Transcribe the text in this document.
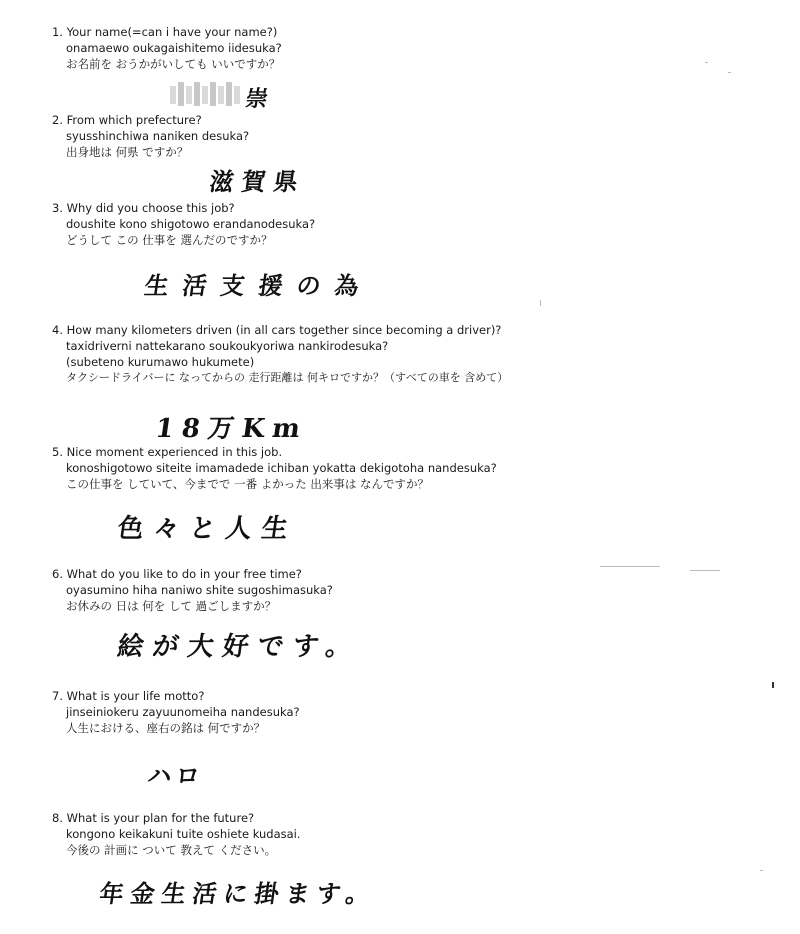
1. Your name(=can i have your name?)
onamaewo oukagaishitemo iidesuka?
お名前を おうかがいしても いいですか？
崇
2. From which prefecture?
syusshinchiwa naniken desuka?
出身地は 何県 ですか？
滋賀県
3. Why did you choose this job?
doushite kono shigotowo erandanodesuka?
どうして この 仕事を 選んだのですか？
生活支援の為
4. How many kilometers driven (in all cars together since becoming a driver)?
taxidriverni nattekarano soukoukyoriwa nankirodesuka?
(subeteno kurumawo hukumete)
タクシードライバーに なってからの 走行距離は 何キロですか？（すべての車を 含めて）
18万Km
5. Nice moment experienced in this job.
konoshigotowo siteite imamadede ichiban yokatta dekigotoha nandesuka?
この仕事を していて、今までで 一番 よかった 出来事は なんですか？
色々と人生
6. What do you like to do in your free time?
oyasumino hiha naniwo shite sugoshimasuka?
お休みの 日は 何を して 過ごしますか？
絵が大好です。
7. What is your life motto?
jinseiniokeru zayuunomeiha nandesuka?
人生における、座右の銘は 何ですか？
ハロ
8. What is your plan for the future?
kongono keikakuni tuite oshiete kudasai.
今後の 計画に ついて 教えて ください。
年金生活に掛ます。
